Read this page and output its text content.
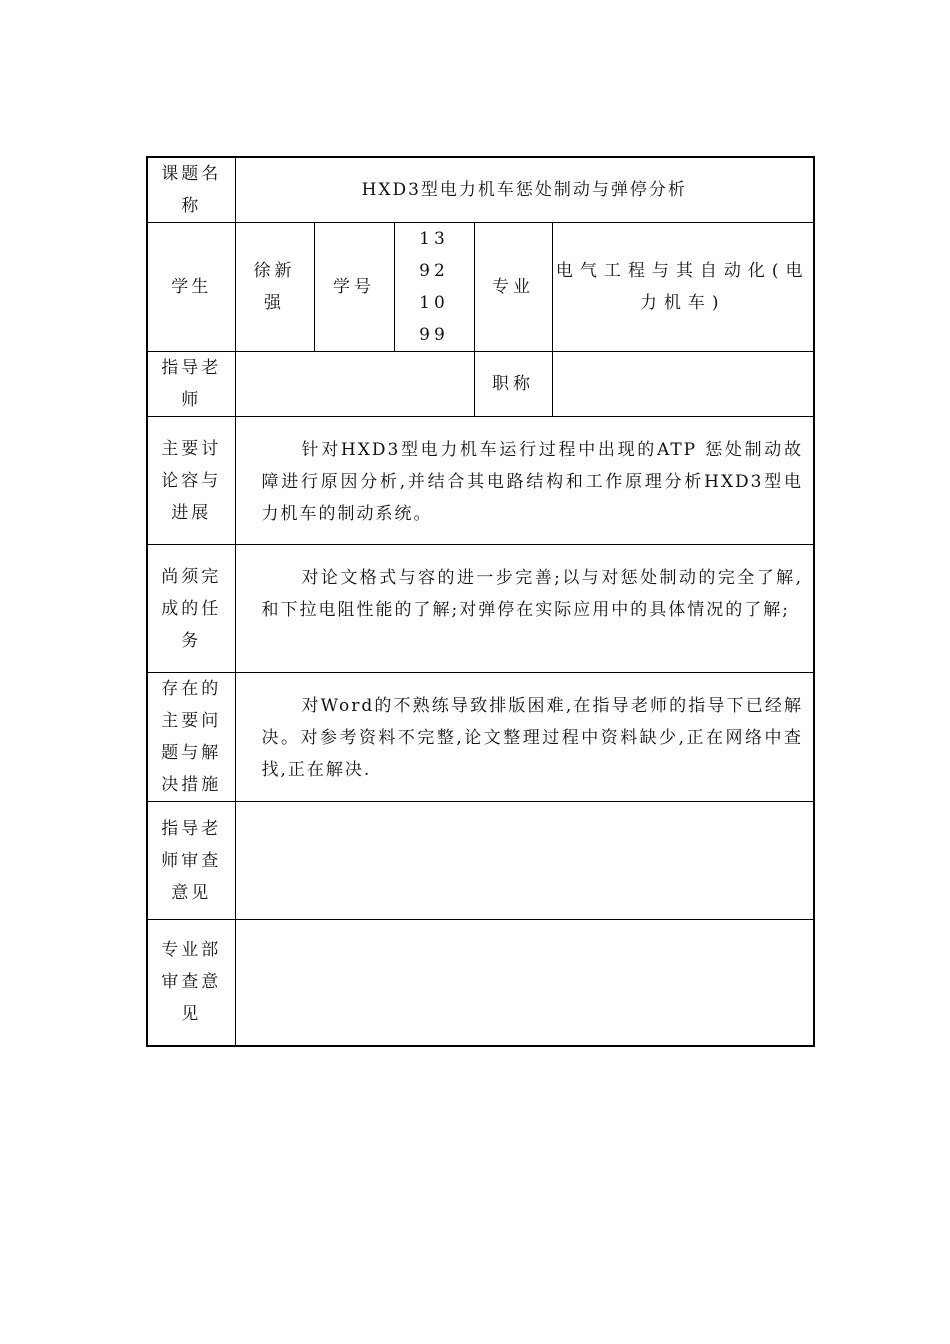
课题名称	HXD3型电力机车惩处制动与弹停分析				
学生	徐新强	学号	13921099	专业	电气工程与其自动化(电力机车)
指导老师				职称	
主要讨论容与进展	针对HXD3型电力机车运行过程中出现的ATP 惩处制动故障进行原因分析,并结合其电路结构和工作原理分析HXD3型电力机车的制动系统。				

尚须完成的任务	对论文格式与容的进一步完善;以与对惩处制动的完全了解,和下拉电阻性能的了解;对弹停在实际应用中的具体情况的了解;				

存在的主要问题与解决措施	对Word的不熟练导致排版困难,在指导老师的指导下已经解决。对参考资料不完整,论文整理过程中资料缺少,正在网络中查找,正在解决.				

指导老师审查意见					
专业部审查意见					
